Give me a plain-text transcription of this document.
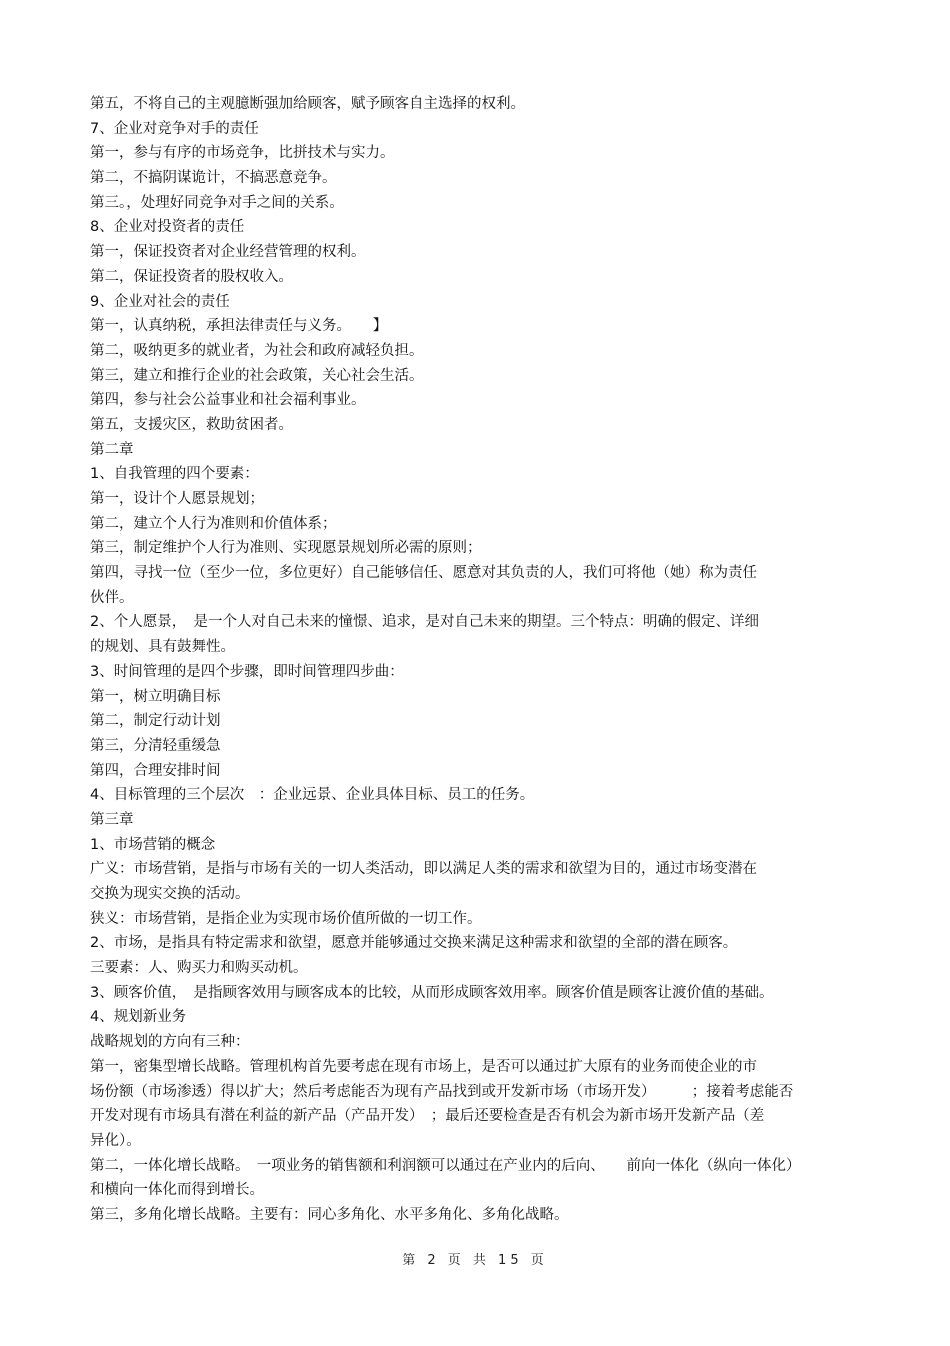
第五，不将自己的主观臆断强加给顾客，赋予顾客自主选择的权利。
7、企业对竞争对手的责任
第一，参与有序的市场竞争，比拼技术与实力。
第二，不搞阴谋诡计，不搞恶意竞争。
第三。，处理好同竞争对手之间的关系。
8、企业对投资者的责任
第一，保证投资者对企业经营管理的权利。
第二，保证投资者的股权收入。
9、企业对社会的责任
第一，认真纳税，承担法律责任与义务。　　】
第二，吸纳更多的就业者，为社会和政府减轻负担。
第三，建立和推行企业的社会政策，关心社会生活。
第四，参与社会公益事业和社会福利事业。
第五，支援灾区，救助贫困者。
第二章
1、自我管理的四个要素：
第一，设计个人愿景规划；
第二，建立个人行为准则和价值体系；
第三，制定维护个人行为准则、实现愿景规划所必需的原则；
第四，寻找一位（至少一位，多位更好）自己能够信任、愿意对其负责的人，我们可将他（她）称为责任
伙伴。
2、个人愿景，　是一个人对自己未来的憧憬、追求，是对自己未来的期望。三个特点：明确的假定、详细
的规划、具有鼓舞性。
3、时间管理的是四个步骤，即时间管理四步曲：
第一，树立明确目标
第二，制定行动计划
第三，分清轻重缓急
第四，合理安排时间
4、目标管理的三个层次　：企业远景、企业具体目标、员工的任务。
第三章
1、市场营销的概念
广义：市场营销，是指与市场有关的一切人类活动，即以满足人类的需求和欲望为目的，通过市场变潜在
交换为现实交换的活动。
狭义：市场营销，是指企业为实现市场价值所做的一切工作。
2、市场，是指具有特定需求和欲望，愿意并能够通过交换来满足这种需求和欲望的全部的潜在顾客。
三要素：人、购买力和购买动机。
3、顾客价值，　是指顾客效用与顾客成本的比较，从而形成顾客效用率。顾客价值是顾客让渡价值的基础。
4、规划新业务
战略规划的方向有三种：
第一，密集型增长战略。管理机构首先要考虑在现有市场上，是否可以通过扩大原有的业务而使企业的市
场份额（市场渗透）得以扩大；然后考虑能否为现有产品找到或开发新市场（市场开发）　　　；接着考虑能否
开发对现有市场具有潜在利益的新产品（产品开发）　；最后还要检查是否有机会为新市场开发新产品（差
异化）。
第二，一体化增长战略。　一项业务的销售额和利润额可以通过在产业内的后向、　　前向一体化（纵向一体化）
和横向一体化而得到增长。
第三，多角化增长战略。主要有：同心多角化、水平多角化、多角化战略。
第 2 页 共 15 页
